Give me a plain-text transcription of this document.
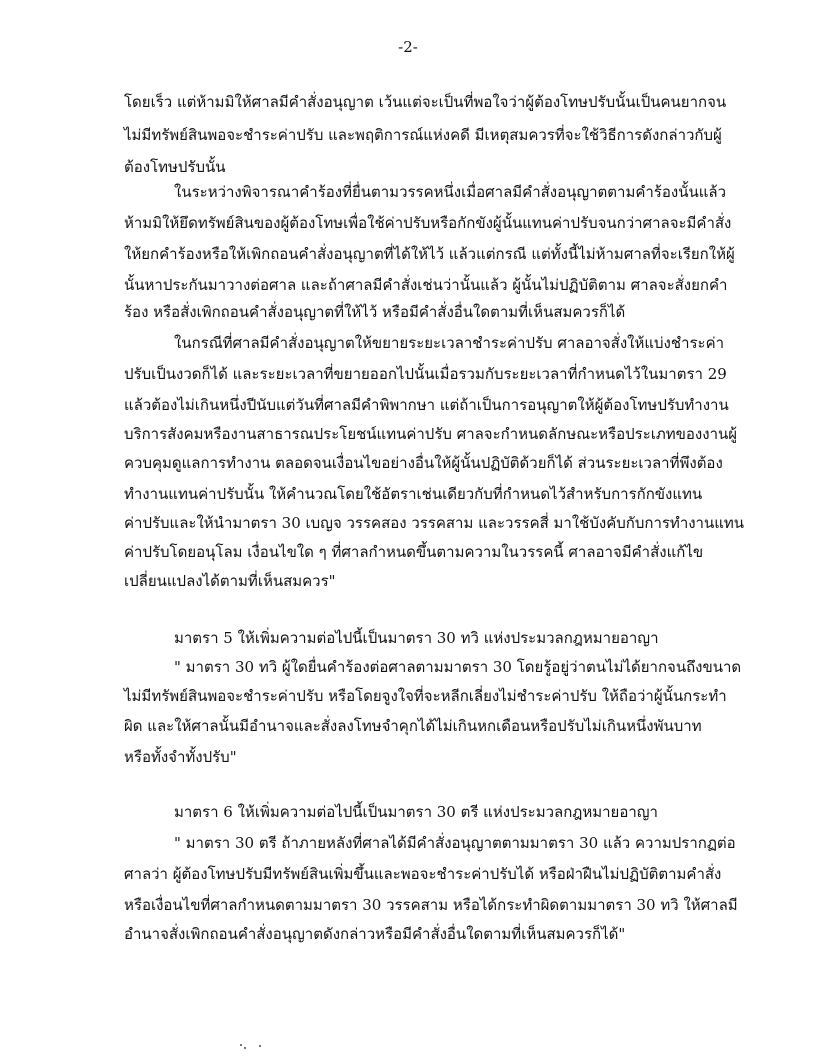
-2-
โดยเร็ว แต่ห้ามมิให้ศาลมีคำสั่งอนุญาต เว้นแต่จะเป็นที่พอใจว่าผู้ต้องโทษปรับนั้นเป็นคนยากจน
ไม่มีทรัพย์สินพอจะชำระค่าปรับ และพฤติการณ์แห่งคดี มีเหตุสมควรที่จะใช้วิธีการดังกล่าวกับผู้
ต้องโทษปรับนั้น
ในระหว่างพิจารณาคำร้องที่ยื่นตามวรรคหนึ่งเมื่อศาลมีคำสั่งอนุญาตตามคำร้องนั้นแล้ว
ห้ามมิให้ยึดทรัพย์สินของผู้ต้องโทษเพื่อใช้ค่าปรับหรือกักขังผู้นั้นแทนค่าปรับจนกว่าศาลจะมีคำสั่ง
ให้ยกคำร้องหรือให้เพิกถอนคำสั่งอนุญาตที่ได้ให้ไว้ แล้วแต่กรณี แต่ทั้งนี้ไม่ห้ามศาลที่จะเรียกให้ผู้
นั้นหาประกันมาวางต่อศาล และถ้าศาลมีคำสั่งเช่นว่านั้นแล้ว ผู้นั้นไม่ปฏิบัติตาม ศาลจะสั่งยกคำ
ร้อง หรือสั่งเพิกถอนคำสั่งอนุญาตที่ให้ไว้ หรือมีคำสั่งอื่นใดตามที่เห็นสมควรก็ได้
ในกรณีที่ศาลมีคำสั่งอนุญาตให้ขยายระยะเวลาชำระค่าปรับ ศาลอาจสั่งให้แบ่งชำระค่า
ปรับเป็นงวดก็ได้ และระยะเวลาที่ขยายออกไปนั้นเมื่อรวมกับระยะเวลาที่กำหนดไว้ในมาตรา 29
แล้วต้องไม่เกินหนึ่งปีนับแต่วันที่ศาลมีคำพิพากษา แต่ถ้าเป็นการอนุญาตให้ผู้ต้องโทษปรับทำงาน
บริการสังคมหรืองานสาธารณประโยชน์แทนค่าปรับ ศาลจะกำหนดลักษณะหรือประเภทของงานผู้
ควบคุมดูแลการทำงาน ตลอดจนเงื่อนไขอย่างอื่นให้ผู้นั้นปฏิบัติด้วยก็ได้ ส่วนระยะเวลาที่พึงต้อง
ทำงานแทนค่าปรับนั้น ให้คำนวณโดยใช้อัตราเช่นเดียวกับที่กำหนดไว้สำหรับการกักขังแทน
ค่าปรับและให้นำมาตรา 30 เบญจ วรรคสอง วรรคสาม และวรรคสี่ มาใช้บังคับกับการทำงานแทน
ค่าปรับโดยอนุโลม เงื่อนไขใด ๆ ที่ศาลกำหนดขึ้นตามความในวรรคนี้ ศาลอาจมีคำสั่งแก้ไข
เปลี่ยนแปลงได้ตามที่เห็นสมควร"
มาตรา 5 ให้เพิ่มความต่อไปนี้เป็นมาตรา 30 ทวิ แห่งประมวลกฎหมายอาญา
" มาตรา 30 ทวิ ผู้ใดยื่นคำร้องต่อศาลตามมาตรา 30 โดยรู้อยู่ว่าตนไม่ได้ยากจนถึงขนาด
ไม่มีทรัพย์สินพอจะชำระค่าปรับ หรือโดยจูงใจที่จะหลีกเลี่ยงไม่ชำระค่าปรับ ให้ถือว่าผู้นั้นกระทำ
ผิด และให้ศาลนั้นมีอำนาจและสั่งลงโทษจำคุกได้ไม่เกินหกเดือนหรือปรับไม่เกินหนึ่งพันบาท
หรือทั้งจำทั้งปรับ"
มาตรา 6 ให้เพิ่มความต่อไปนี้เป็นมาตรา 30 ตรี แห่งประมวลกฎหมายอาญา
" มาตรา 30 ตรี ถ้าภายหลังที่ศาลได้มีคำสั่งอนุญาตตามมาตรา 30 แล้ว ความปรากฏต่อ
ศาลว่า ผู้ต้องโทษปรับมีทรัพย์สินเพิ่มขึ้นและพอจะชำระค่าปรับได้ หรือฝ่าฝืนไม่ปฏิบัติตามคำสั่ง
หรือเงื่อนไขที่ศาลกำหนดตามมาตรา 30 วรรคสาม หรือได้กระทำผิดตามมาตรา 30 ทวิ ให้ศาลมี
อำนาจสั่งเพิกถอนคำสั่งอนุญาตดังกล่าวหรือมีคำสั่งอื่นใดตามที่เห็นสมควรก็ได้"
